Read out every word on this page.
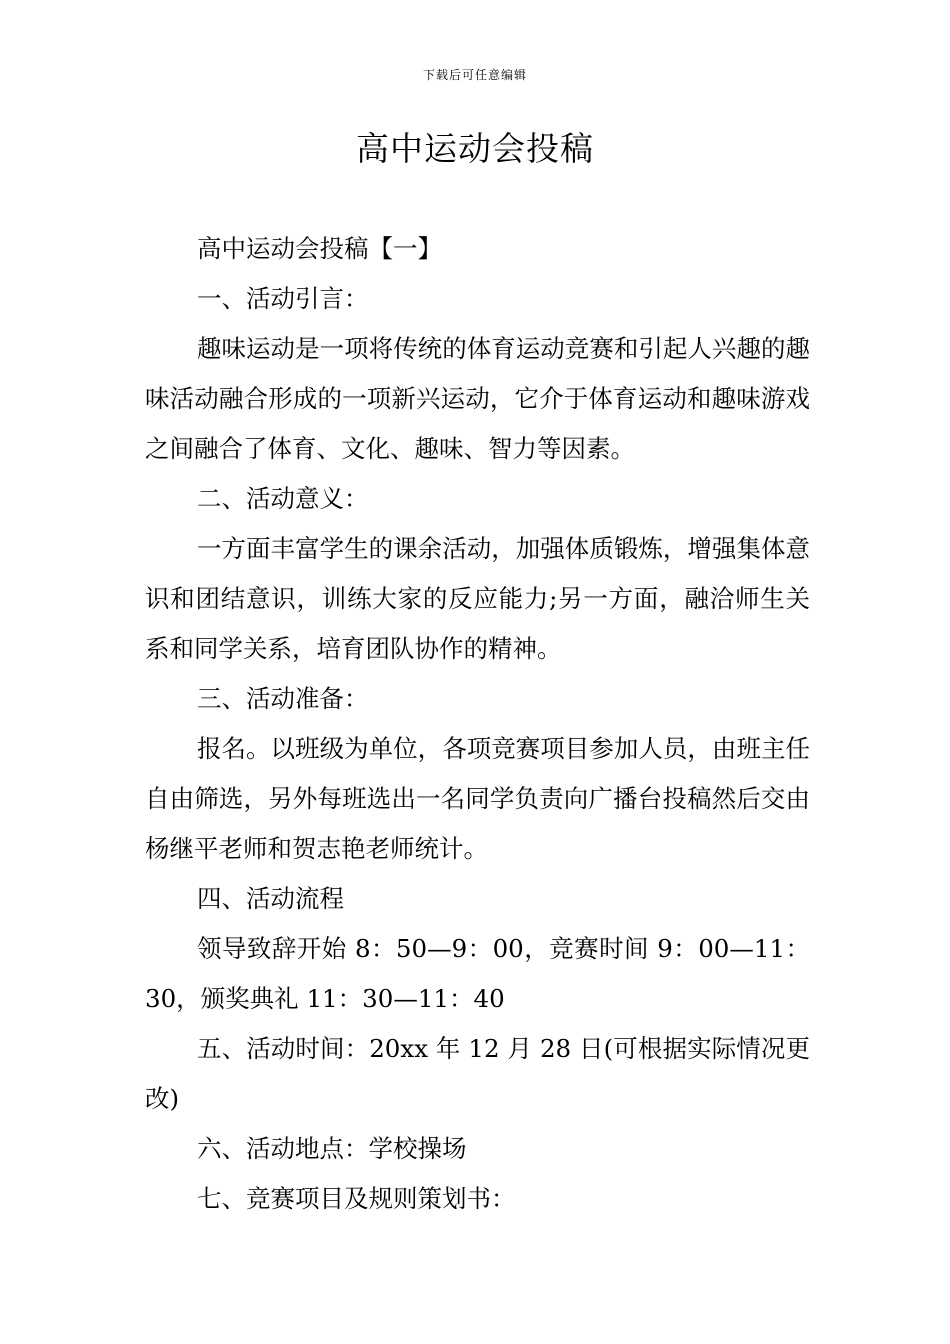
下载后可任意编辑
高中运动会投稿

高中运动会投稿【一】

一、活动引言：

趣味运动是一项将传统的体育运动竞赛和引起人兴趣的趣味活动融合形成的一项新兴运动，它介于体育运动和趣味游戏之间融合了体育、文化、趣味、智力等因素。

二、活动意义：

一方面丰富学生的课余活动，加强体质锻炼，增强集体意识和团结意识，训练大家的反应能力;另一方面，融洽师生关系和同学关系，培育团队协作的精神。

三、活动准备：

报名。以班级为单位，各项竞赛项目参加人员，由班主任自由筛选，另外每班选出一名同学负责向广播台投稿然后交由杨继平老师和贺志艳老师统计。

四、活动流程

领导致辞开始 8：50—9：00，竞赛时间 9：00—11：30，颁奖典礼 11：30—11：40

五、活动时间：20xx 年 12 月 28 日(可根据实际情况更改)

六、活动地点：学校操场

七、竞赛项目及规则策划书：
